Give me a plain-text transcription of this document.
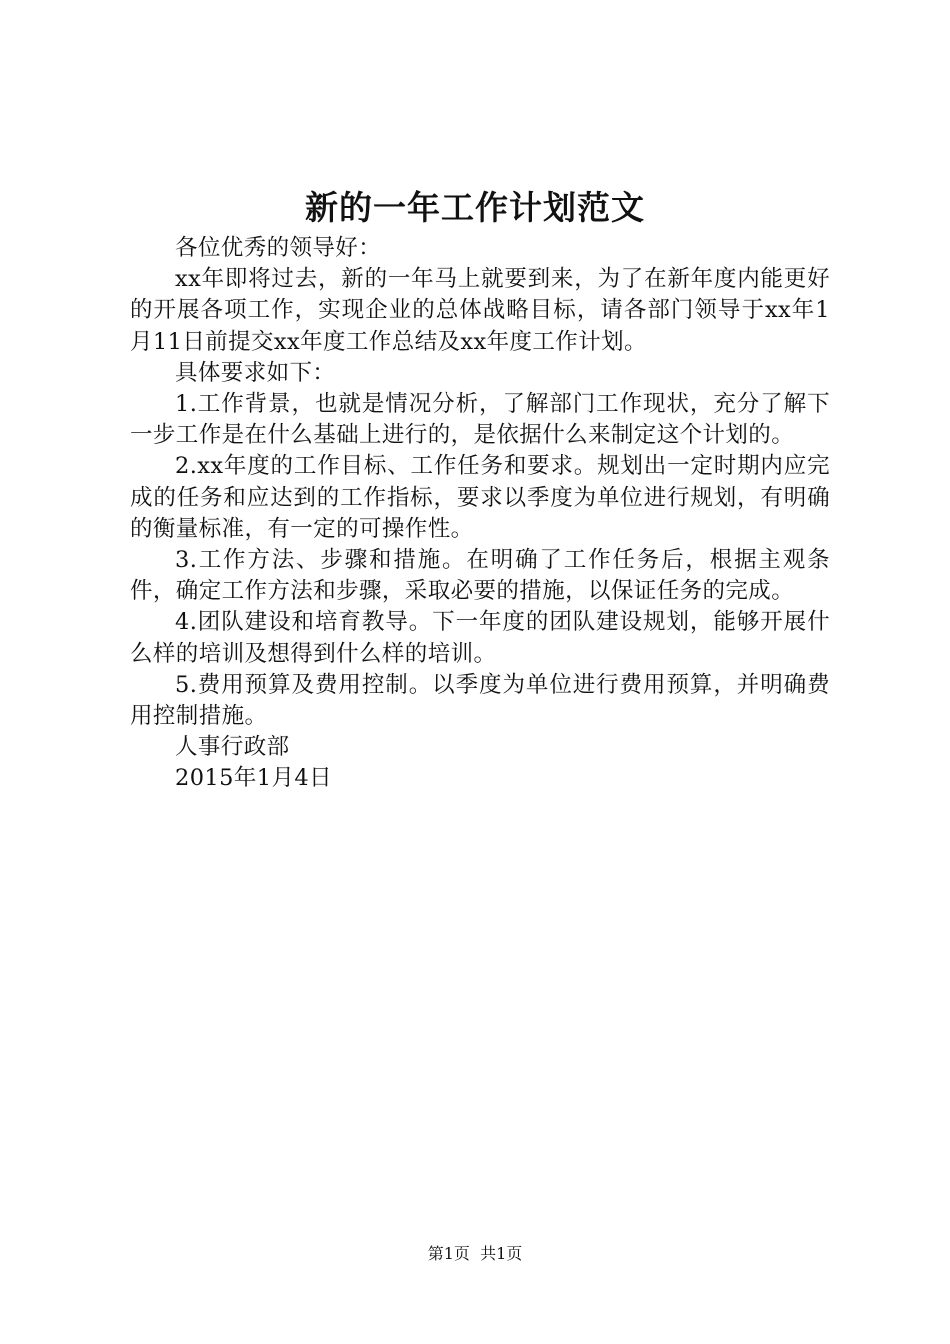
新的一年工作计划范文

各位优秀的领导好：

xx年即将过去，新的一年马上就要到来，为了在新年度内能更好的开展各项工作，实现企业的总体战略目标，请各部门领导于xx年1月11日前提交xx年度工作总结及xx年度工作计划。

具体要求如下：

1.工作背景，也就是情况分析，了解部门工作现状，充分了解下一步工作是在什么基础上进行的，是依据什么来制定这个计划的。

2.xx年度的工作目标、工作任务和要求。规划出一定时期内应完成的任务和应达到的工作指标，要求以季度为单位进行规划，有明确的衡量标准，有一定的可操作性。

3.工作方法、步骤和措施。在明确了工作任务后，根据主观条件，确定工作方法和步骤，采取必要的措施，以保证任务的完成。

4.团队建设和培育教导。下一年度的团队建设规划，能够开展什么样的培训及想得到什么样的培训。

5.费用预算及费用控制。以季度为单位进行费用预算，并明确费用控制措施。

人事行政部

2015年1月4日

第1页 共1页
